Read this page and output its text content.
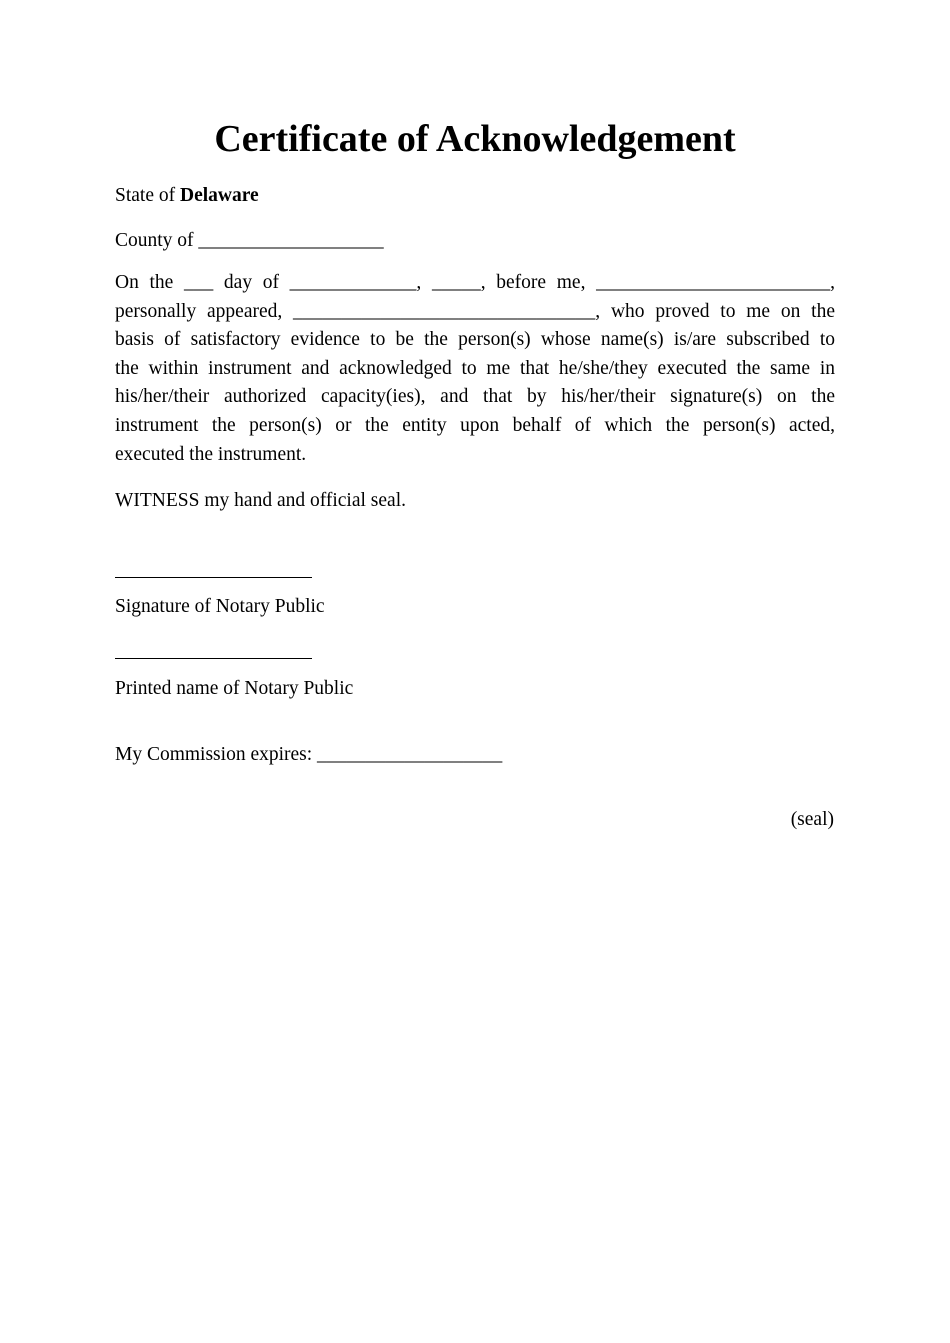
Certificate of Acknowledgement
State of Delaware
County of ___________________
On the ___ day of _____________, _____, before me, ________________________,
personally appeared, _______________________________, who proved to me on the
basis of satisfactory evidence to be the person(s) whose name(s) is/are subscribed to
the within instrument and acknowledged to me that he/she/they executed the same in
his/her/their authorized capacity(ies), and that by his/her/their signature(s) on the
instrument the person(s) or the entity upon behalf of which the person(s) acted,
executed the instrument.
WITNESS my hand and official seal.
Signature of Notary Public
Printed name of Notary Public
My Commission expires: ___________________
(seal)
